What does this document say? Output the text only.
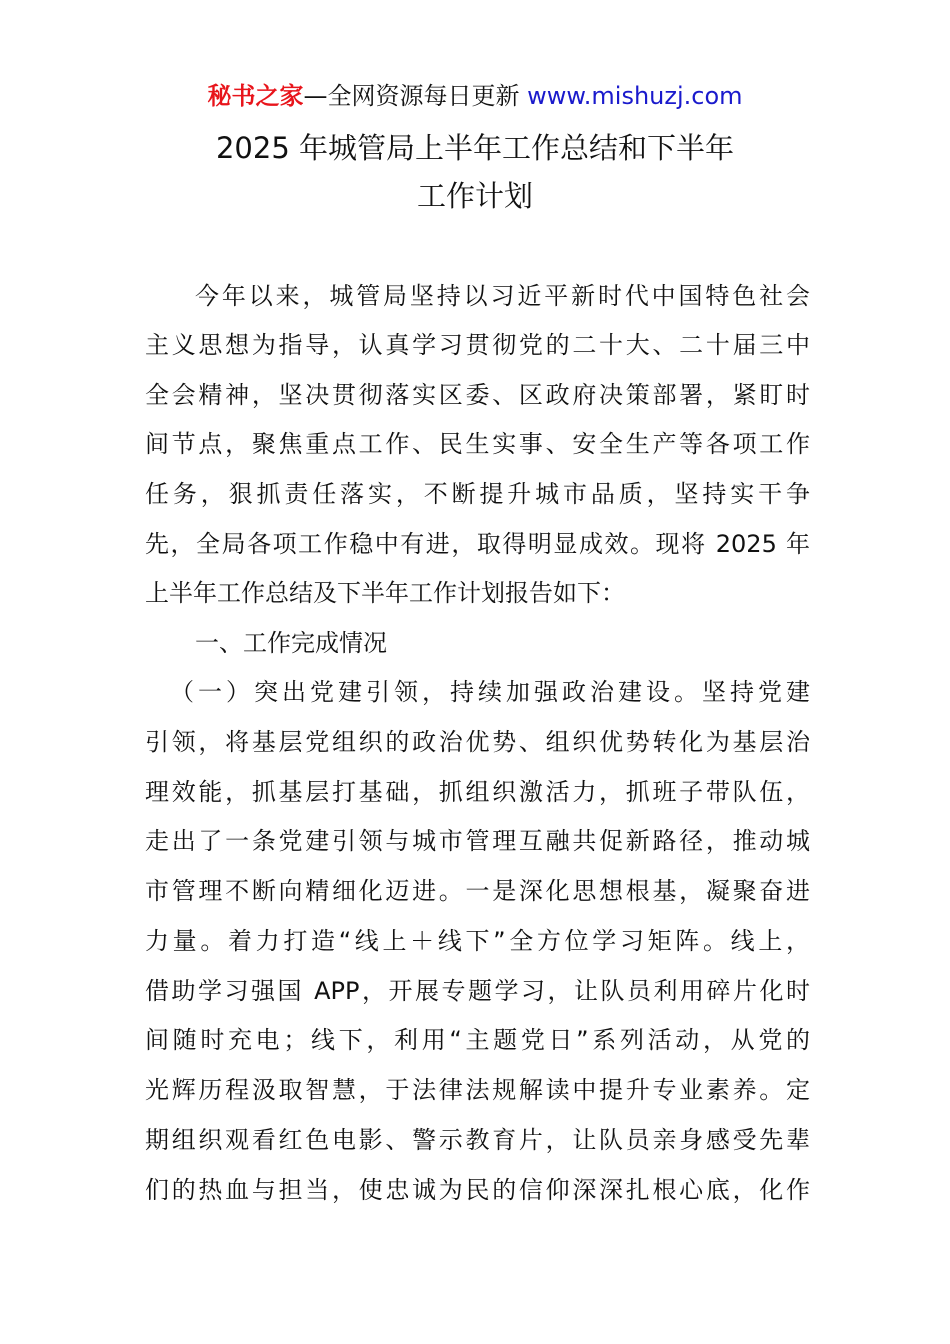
秘书之家—全网资源每日更新 www.mishuzj.com
2025 年城管局上半年工作总结和下半年
工作计划
今年以来，城管局坚持以习近平新时代中国特色社会
主义思想为指导，认真学习贯彻党的二十大、二十届三中
全会精神，坚决贯彻落实区委、区政府决策部署，紧盯时
间节点，聚焦重点工作、民生实事、安全生产等各项工作
任务，狠抓责任落实，不断提升城市品质，坚持实干争
先，全局各项工作稳中有进，取得明显成效。现将 2025 年
上半年工作总结及下半年工作计划报告如下：
一、工作完成情况
（一）突出党建引领，持续加强政治建设。坚持党建
引领，将基层党组织的政治优势、组织优势转化为基层治
理效能，抓基层打基础，抓组织激活力，抓班子带队伍，
走出了一条党建引领与城市管理互融共促新路径，推动城
市管理不断向精细化迈进。一是深化思想根基，凝聚奋进
力量。着力打造“线上＋线下”全方位学习矩阵。线上，
借助学习强国 APP，开展专题学习，让队员利用碎片化时
间随时充电；线下，利用“主题党日”系列活动，从党的
光辉历程汲取智慧，于法律法规解读中提升专业素养。定
期组织观看红色电影、警示教育片，让队员亲身感受先辈
们的热血与担当，使忠诚为民的信仰深深扎根心底，化作
